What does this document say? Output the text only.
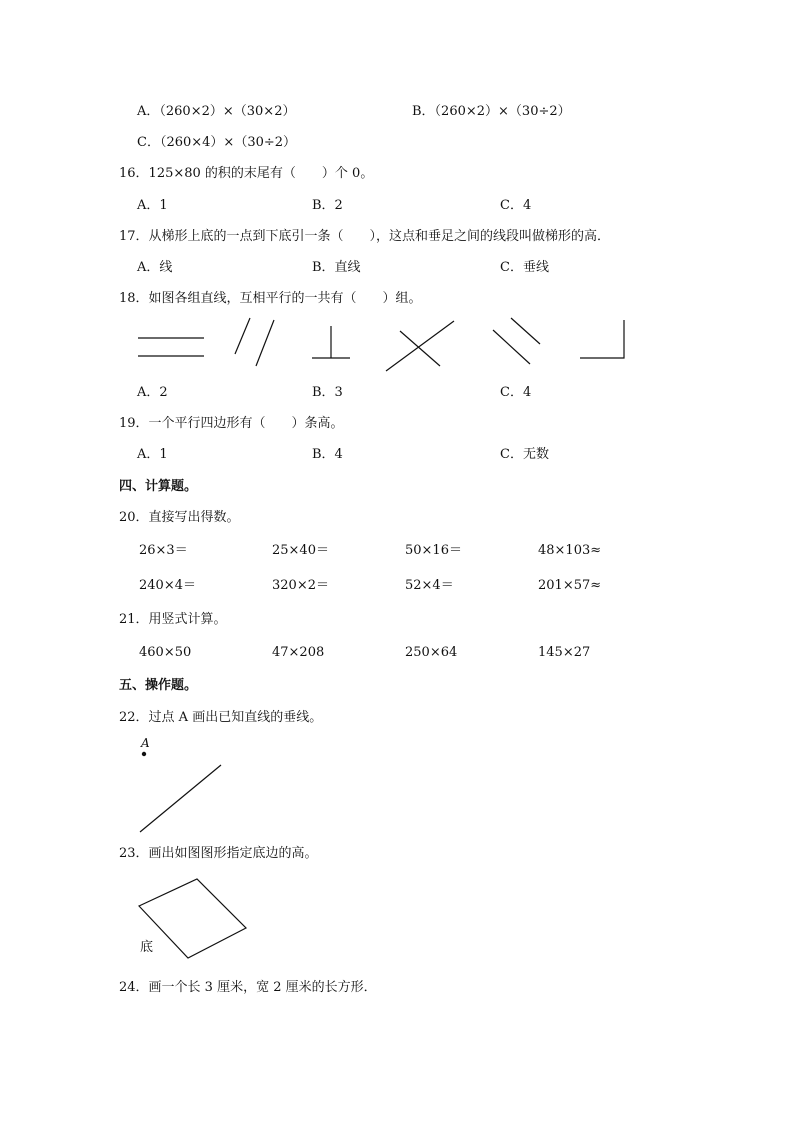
A．（260×2）×（30×2）	B．（260×2）×（30÷2）
C．（260×4）×（30÷2）
16．125×80 的积的末尾有（　　）个 0。
A．1	B．2	C．4
17．从梯形上底的一点到下底引一条（　　），这点和垂足之间的线段叫做梯形的高．
A．线	B．直线	C．垂线
18．如图各组直线，互相平行的一共有（　　）组。
A．2	B．3	C．4
19．一个平行四边形有（　　）条高。
A．1	B．4	C．无数
四、计算题。
20．直接写出得数。
26×3＝	25×40＝	50×16＝	48×103≈
240×4＝	320×2＝	52×4＝	201×57≈
21．用竖式计算。
460×50	47×208	250×64	145×27
五、操作题。
22．过点 A 画出已知直线的垂线。
A
23．画出如图图形指定底边的高。
底
24．画一个长 3 厘米，宽 2 厘米的长方形．
